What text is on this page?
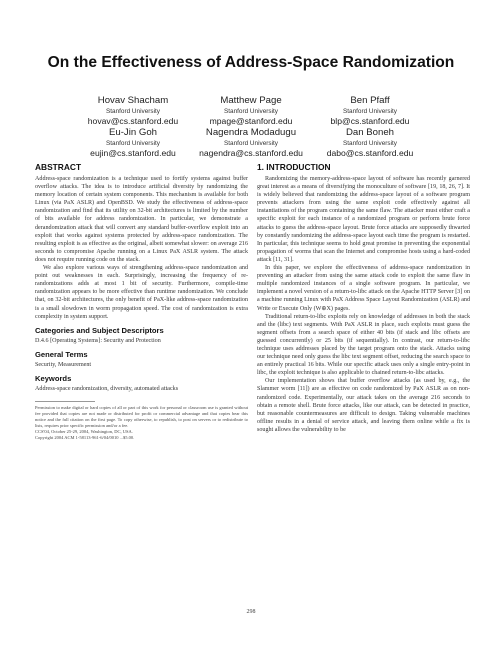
On the Effectiveness of Address-Space Randomization
Hovav Shacham
Stanford University
hovav@cs.stanford.edu
Matthew Page
Stanford University
mpage@stanford.edu
Ben Pfaff
Stanford University
blp@cs.stanford.edu
Eu-Jin Goh
Stanford University
eujin@cs.stanford.edu
Nagendra Modadugu
Stanford University
nagendra@cs.stanford.edu
Dan Boneh
Stanford University
dabo@cs.stanford.edu
ABSTRACT

Address-space randomization is a technique used to fortify systems against buffer overflow attacks. The idea is to introduce artificial diversity by randomizing the memory location of certain system components. This mechanism is available for both Linux (via PaX ASLR) and OpenBSD. We study the effectiveness of address-space randomization and find that its utility on 32-bit architectures is limited by the number of bits available for address randomization. In particular, we demonstrate a derandomization attack that will convert any standard buffer-overflow exploit into an exploit that works against systems protected by address-space randomization. The resulting exploit is as effective as the original, albeit somewhat slower: on average 216 seconds to compromise Apache running on a Linux PaX ASLR system. The attack does not require running code on the stack.

We also explore various ways of strengthening address-space randomization and point out weaknesses in each. Surprisingly, increasing the frequency of re-randomizations adds at most 1 bit of security. Furthermore, compile-time randomization appears to be more effective than runtime randomization. We conclude that, on 32-bit architectures, the only benefit of PaX-like address-space randomization is a small slowdown in worm propagation speed. The cost of randomization is extra complexity in system support.

Categories and Subject Descriptors

D.4.6 [Operating Systems]: Security and Protection

General Terms

Security, Measurement

Keywords

Address-space randomization, diversity, automated attacks

Permission to make digital or hard copies of all or part of this work for personal or classroom use is granted without fee provided that copies are not made or distributed for profit or commercial advantage and that copies bear this notice and the full citation on the first page. To copy otherwise, to republish, to post on servers or to redistribute to lists, requires prior specific permission and/or a fee.

CCS'04, October 25-29, 2004, Washington, DC, USA.

Copyright 2004 ACM 1-58113-961-6/04/0010 ...$5.00.

1. INTRODUCTION

Randomizing the memory-address-space layout of software has recently garnered great interest as a means of diversifying the monoculture of software [19, 18, 26, 7]. It is widely believed that randomizing the address-space layout of a software program prevents attackers from using the same exploit code effectively against all instantiations of the program containing the same flaw. The attacker must either craft a specific exploit for each instance of a randomized program or perform brute force attacks to guess the address-space layout. Brute force attacks are supposedly thwarted by constantly randomizing the address-space layout each time the program is restarted. In particular, this technique seems to hold great promise in preventing the exponential propagation of worms that scan the Internet and compromise hosts using a hard-coded attack [11, 31].

In this paper, we explore the effectiveness of address-space randomization in preventing an attacker from using the same attack code to exploit the same flaw in multiple randomized instances of a single software program. In particular, we implement a novel version of a return-to-libc attack on the Apache HTTP Server [3] on a machine running Linux with PaX Address Space Layout Randomization (ASLR) and Write or Execute Only (W⊕X) pages.

Traditional return-to-libc exploits rely on knowledge of addresses in both the stack and the (libc) text segments. With PaX ASLR in place, such exploits must guess the segment offsets from a search space of either 40 bits (if stack and libc offsets are guessed concurrently) or 25 bits (if sequentially). In contrast, our return-to-libc technique uses addresses placed by the target program onto the stack. Attacks using our technique need only guess the libc text segment offset, reducing the search space to an entirely practical 16 bits. While our specific attack uses only a single entry-point in libc, the exploit technique is also applicable to chained return-to-libc attacks.

Our implementation shows that buffer overflow attacks (as used by, e.g., the Slammer worm [11]) are as effective on code randomized by PaX ASLR as on non-randomized code. Experimentally, our attack takes on the average 216 seconds to obtain a remote shell. Brute force attacks, like our attack, can be detected in practice, but reasonable countermeasures are difficult to design. Taking vulnerable machines offline results in a denial of service attack, and leaving them online while a fix is sought allows the vulnerability to be

298
